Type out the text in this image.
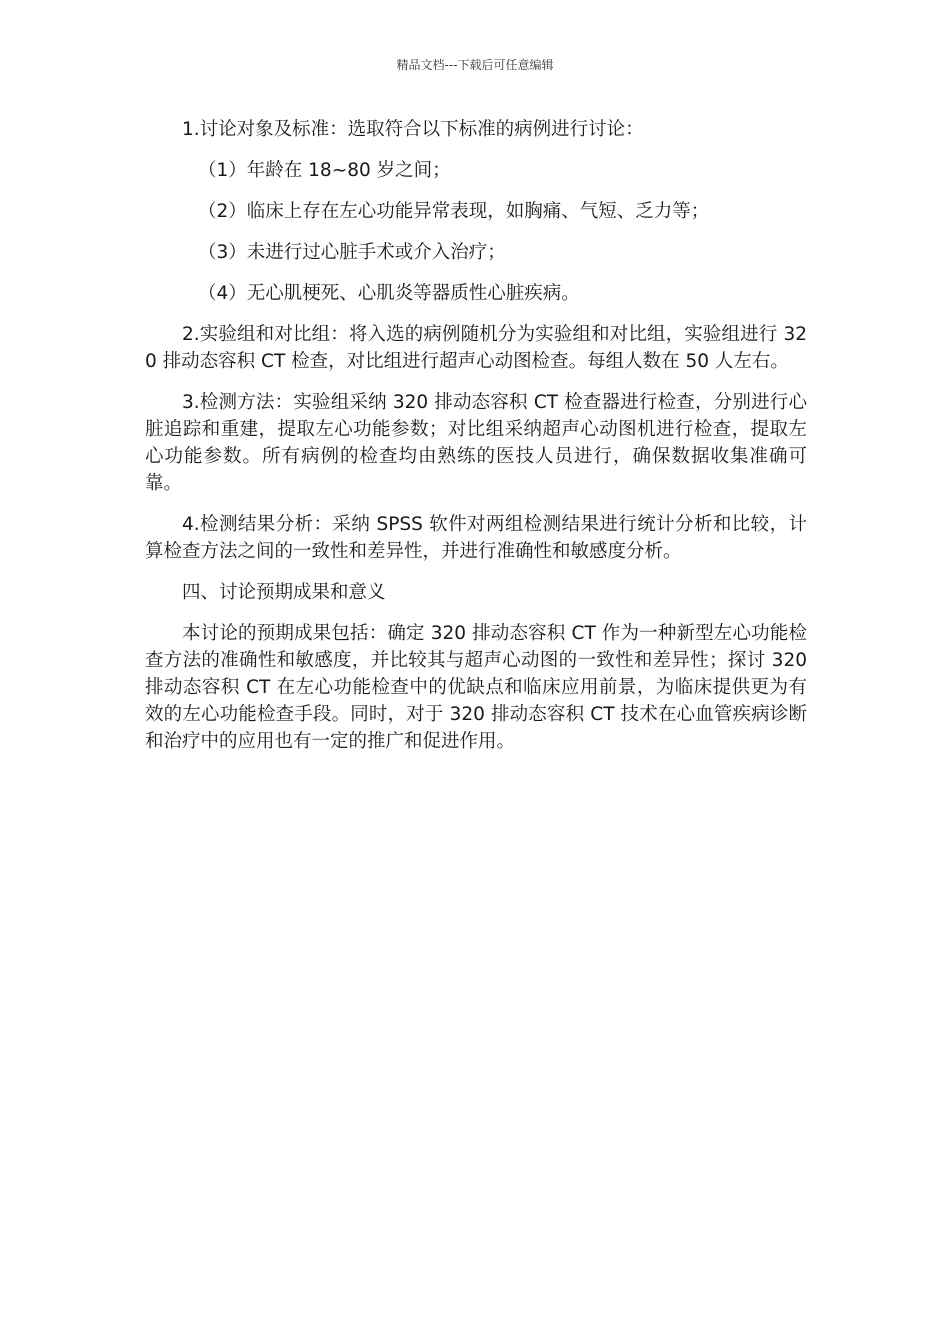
精品文档---下载后可任意编辑

1.讨论对象及标准：选取符合以下标准的病例进行讨论：

（1）年龄在 18~80 岁之间；

（2）临床上存在左心功能异常表现，如胸痛、气短、乏力等；

（3）未进行过心脏手术或介入治疗；

（4）无心肌梗死、心肌炎等器质性心脏疾病。

2.实验组和对比组：将入选的病例随机分为实验组和对比组，实验组进行 320 排动态容积 CT 检查，对比组进行超声心动图检查。每组人数在 50 人左右。

3.检测方法：实验组采纳 320 排动态容积 CT 检查器进行检查，分别进行心脏追踪和重建，提取左心功能参数；对比组采纳超声心动图机进行检查，提取左心功能参数。所有病例的检查均由熟练的医技人员进行，确保数据收集准确可靠。

4.检测结果分析：采纳 SPSS 软件对两组检测结果进行统计分析和比较，计算检查方法之间的一致性和差异性，并进行准确性和敏感度分析。

四、讨论预期成果和意义

本讨论的预期成果包括：确定 320 排动态容积 CT 作为一种新型左心功能检查方法的准确性和敏感度，并比较其与超声心动图的一致性和差异性；探讨 320 排动态容积 CT 在左心功能检查中的优缺点和临床应用前景，为临床提供更为有效的左心功能检查手段。同时，对于 320 排动态容积 CT 技术在心血管疾病诊断和治疗中的应用也有一定的推广和促进作用。
